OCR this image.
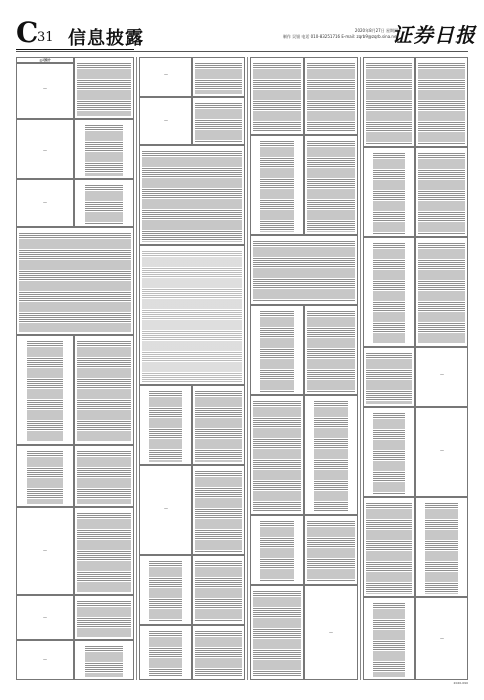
C
31 信息披露	2020年8月27日 星期四
制作 吴银 电话 010-83251716 E-mail: zqrb9@zqrb.sina.net
证券日报
公司简介
—
—
—
—
—
—
—
—
—
—
—
—
—
2020-090
